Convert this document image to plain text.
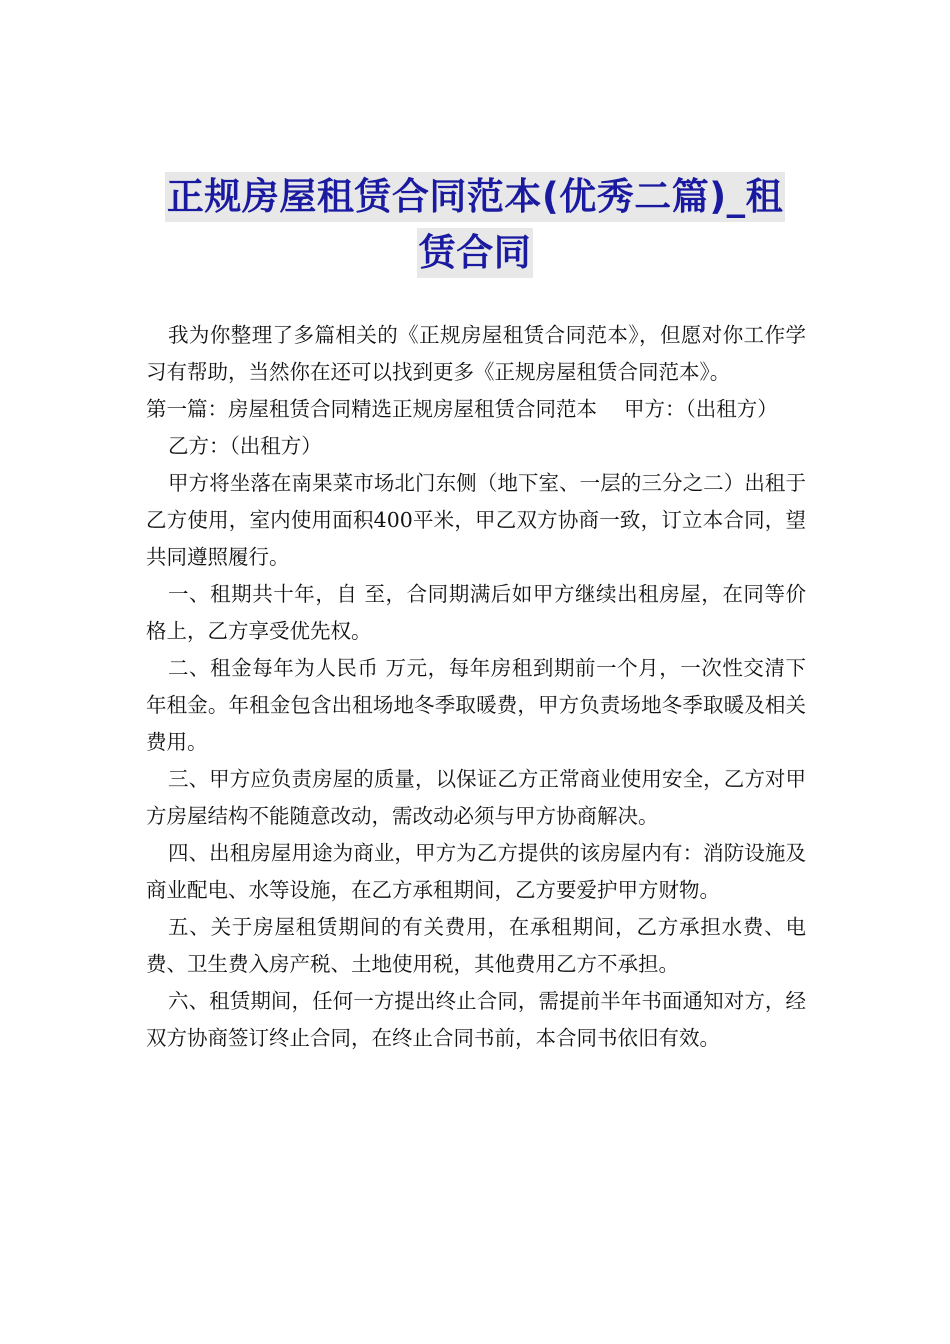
正规房屋租赁合同范本(优秀二篇)_租
赁合同

我为你整理了多篇相关的《正规房屋租赁合同范本》，但愿对你工作学习有帮助，当然你在还可以找到更多《正规房屋租赁合同范本》。

第一篇：房屋租赁合同精选正规房屋租赁合同范本　 甲方：（出租方）

乙方：（出租方）

甲方将坐落在南果菜市场北门东侧（地下室、一层的三分之二）出租于乙方使用，室内使用面积400平米，甲乙双方协商一致，订立本合同，望共同遵照履行。

一、租期共十年，自 至，合同期满后如甲方继续出租房屋，在同等价格上，乙方享受优先权。

二、租金每年为人民币 万元，每年房租到期前一个月，一次性交清下年租金。年租金包含出租场地冬季取暖费，甲方负责场地冬季取暖及相关费用。

三、甲方应负责房屋的质量，以保证乙方正常商业使用安全，乙方对甲方房屋结构不能随意改动，需改动必须与甲方协商解决。

四、出租房屋用途为商业，甲方为乙方提供的该房屋内有：消防设施及商业配电、水等设施，在乙方承租期间，乙方要爱护甲方财物。

五、关于房屋租赁期间的有关费用，在承租期间，乙方承担水费、电费、卫生费入房产税、土地使用税，其他费用乙方不承担。

六、租赁期间，任何一方提出终止合同，需提前半年书面通知对方，经双方协商签订终止合同，在终止合同书前，本合同书依旧有效。
